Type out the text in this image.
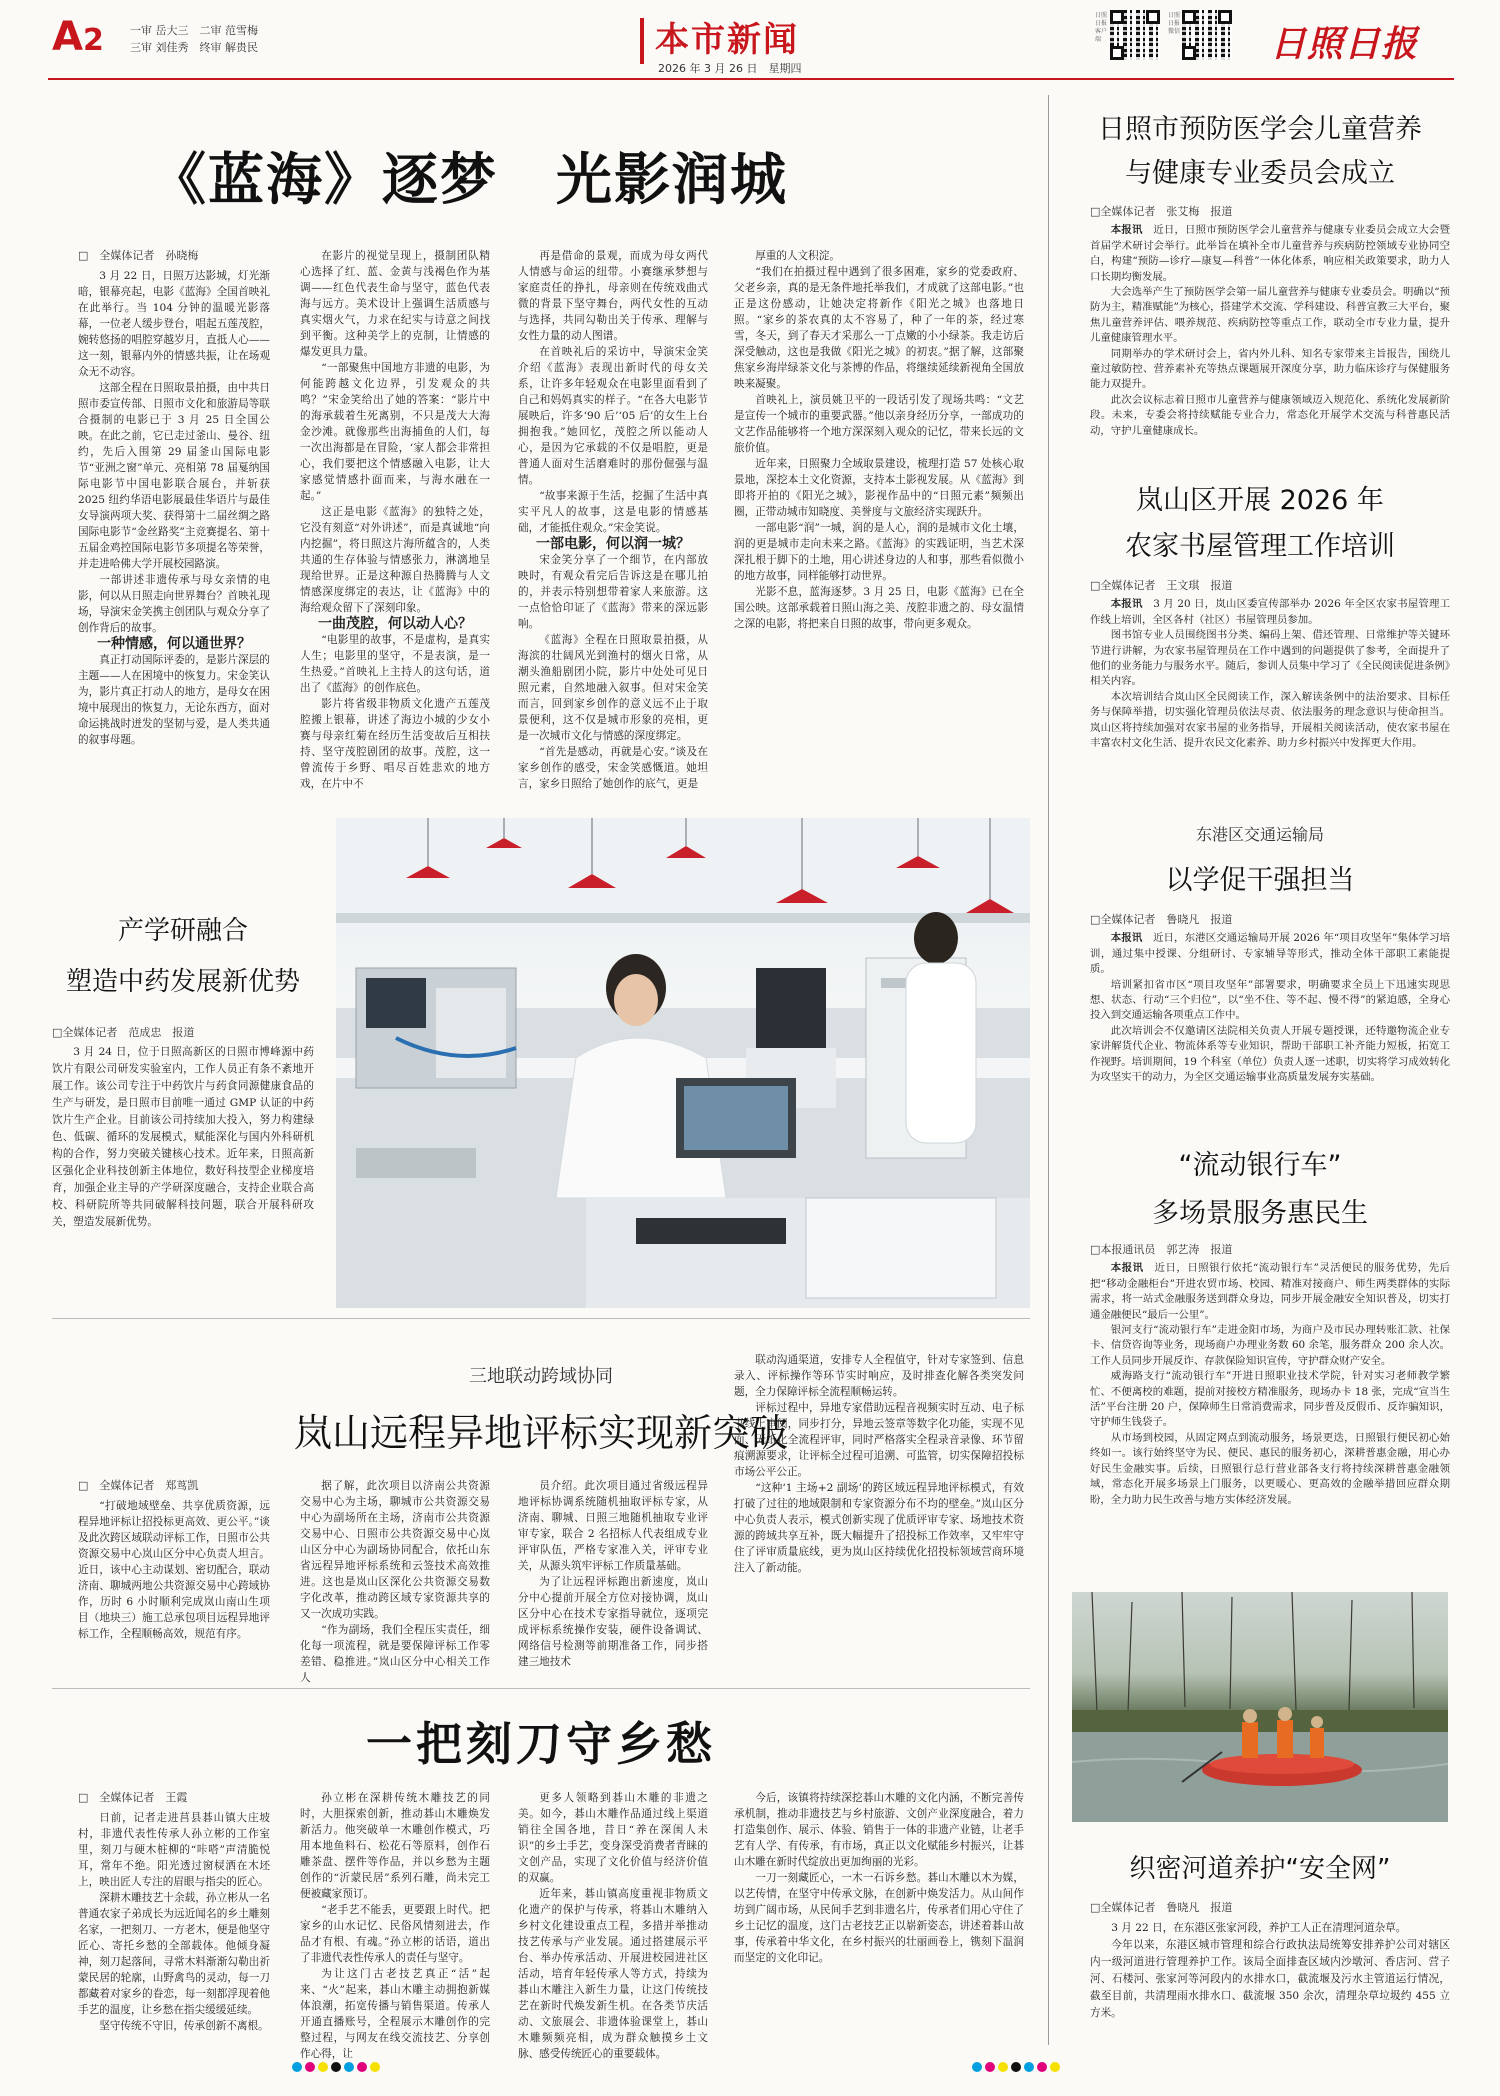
A2 一审 岳大三　二审 范雪梅
三审 刘佳秀　终审 解贵民	本市新闻
2026 年 3 月 26 日　星期四
日照日报客户端
日照日报微信 日照日报
《蓝海》逐梦　光影润城
□　全媒体记者　 孙晓梅

3 月 22 日，日照万达影城，灯光渐暗，银幕亮起，电影《蓝海》全国首映礼在此举行。当 104 分钟的温暖光影落幕，一位老人缓步登台，唱起五莲茂腔，婉转悠扬的唱腔穿越岁月，直抵人心——这一刻，银幕内外的情感共振，让在场观众无不动容。

这部全程在日照取景拍摄，由中共日照市委宣传部、日照市文化和旅游局等联合摄制的电影已于 3 月 25 日全国公映。在此之前，它已走过釜山、曼谷、纽约，先后入围第 29 届釜山国际电影节“亚洲之窗”单元、亮相第 78 届戛纳国际电影节中国电影联合展台，并斩获 2025 纽约华语电影展最佳华语片与最佳女导演两项大奖、获得第十二届丝绸之路国际电影节“金丝路奖”主竞赛提名、第十五届金鸡控国际电影节多项提名等荣誉，并走进哈佛大学开展校园路演。

一部讲述非遗传承与母女亲情的电影，何以从日照走向世界舞台？首映礼现场，导演宋金笑携主创团队与观众分享了创作背后的故事。

一种情感，何以通世界？

真正打动国际评委的，是影片深层的主题——人在困境中的恢复力。宋金笑认为，影片真正打动人的地方，是母女在困境中展现出的恢复力，无论东西方，面对命运挑战时迸发的坚韧与爱，是人类共通的叙事母题。

在影片的视觉呈现上，摄制团队精心选择了红、蓝、金黄与浅褐色作为基调——红色代表生命与坚守，蓝色代表海与远方。美术设计上强调生活质感与真实烟火气，力求在纪实与诗意之间找到平衡。这种美学上的克制，让情感的爆发更具力量。

“一部聚焦中国地方非遗的电影，为何能跨越文化边界，引发观众的共鸣？”宋金笑给出了她的答案：“影片中的海承载着生死离别，不只是茂大大海金沙滩。就像那些出海捕鱼的人们，每一次出海都是在冒险，‘家人都会非常担心，我们要把这个情感融入电影，让大家感觉情感扑面而来，与海水融在一起。”

这正是电影《蓝海》的独特之处，它没有刻意“对外讲述”，而是真诚地“向内挖掘”，将日照这片海所蕴含的，人类共通的生存体验与情感张力，淋漓地呈现给世界。正是这种源自热腾腾与人文情感深度绑定的表达，让《蓝海》中的海给观众留下了深刻印象。

一曲茂腔，何以动人心？

“电影里的故事，不是虚构，是真实人生；电影里的坚守，不是表演，是一生热爱。”首映礼上主持人的这句话，道出了《蓝海》的创作底色。

影片将省级非物质文化遗产五莲茂腔搬上银幕，讲述了海边小城的少女小赛与母亲红菊在经历生活变故后互相扶持、坚守茂腔剧团的故事。茂腔，这一曾流传于乡野、唱尽百姓悲欢的地方戏，在片中不

再是借命的景观，而成为母女两代人情感与命运的纽带。小赛继承梦想与家庭责任的挣扎，母亲则在传统戏曲式微的背景下坚守舞台，两代女性的互动与选择，共同勾勒出关于传承、理解与女性力量的动人图谱。

在首映礼后的采访中，导演宋金笑介绍《蓝海》表现出新时代的母女关系，让许多年轻观众在电影里面看到了自己和妈妈真实的样子。“在各大电影节展映后，许多‘90 后’‘05 后’的女生上台拥抱我。”她回忆，茂腔之所以能动人心，是因为它承载的不仅是唱腔，更是普通人面对生活磨难时的那份倔强与温情。

“故事来源于生活，挖掘了生活中真实平凡人的故事，这是电影的情感基础，才能抵住观众。”宋金笑说。

一部电影，何以润一城？

宋金笑分享了一个细节，在内部放映时，有观众看完后告诉这是在哪儿拍的，并表示特别想带着家人来旅游。这一点恰恰印证了《蓝海》带来的深远影响。

《蓝海》全程在日照取景拍摄，从海滨的壮阔风光到渔村的烟火日常，从潮头渔船剧团小院，影片中处处可见日照元素，自然地融入叙事。但对宋金笑而言，回到家乡创作的意义远不止于取景便利，这不仅是城市形象的亮相，更是一次城市文化与情感的深度绑定。

“首先是感动，再就是心安。”谈及在家乡创作的感受，宋金笑感慨道。她坦言，家乡日照给了她创作的底气，更是

厚重的人文积淀。

“我们在拍摄过程中遇到了很多困难，家乡的党委政府、父老乡亲，真的是无条件地托举我们，才成就了这部电影。”也正是这份感动，让她决定将新作《阳光之城》也落地日照。“家乡的茶农真的太不容易了，种了一年的茶，经过寒雪，冬天，到了春天才采那么一丁点嫩的小小绿茶。我走访后深受触动，这也是我做《阳光之城》的初衷。”据了解，这部聚焦家乡海岸绿茶文化与茶博的作品，将继续延续新视角全国放映来凝聚。

首映礼上，演员姚卫平的一段话引发了现场共鸣：“文艺是宣传一个城市的重要武器。”他以亲身经历分享，一部成功的文艺作品能够将一个地方深深刻入观众的记忆，带来长远的文旅价值。

近年来，日照聚力全域取景建设，梳理打造 57 处核心取景地，深挖本土文化资源，支持本土影视发展。从《蓝海》到即将开拍的《阳光之城》，影视作品中的“日照元素”频频出圈，正带动城市知晓度、美誉度与文旅经济实现跃升。

一部电影“润”一城，润的是人心，润的是城市文化土壤，润的更是城市走向未来之路。《蓝海》的实践证明，当艺术深深扎根于脚下的土地，用心讲述身边的人和事，那些看似微小的地方故事，同样能够打动世界。

光影不息，蓝海逐梦。3 月 25 日，电影《蓝海》已在全国公映。这部承载着日照山海之美、茂腔非遗之韵、母女温情之深的电影，将把来自日照的故事，带向更多观众。

产学研融合
塑造中药发展新优势
□全媒体记者　 范成忠　报道
3 月 24 日，位于日照高新区的日照市博峰源中药饮片有限公司研发实验室内，工作人员正有条不紊地开展工作。该公司专注于中药饮片与药食同源健康食品的生产与研发，是日照市目前唯一通过 GMP 认证的中药饮片生产企业。目前该公司持续加大投入，努力构建绿色、低碳、循环的发展模式，赋能深化与国内外科研机构的合作，努力突破关键核心技术。近年来，日照高新区强化企业科技创新主体地位，数好科技型企业梯度培育，加强企业主导的产学研深度融合，支持企业联合高校、科研院所等共同破解科技问题，联合开展科研攻关，塑造发展新优势。
日照市预防医学会儿童营养
与健康专业委员会成立
□全媒体记者　 张艾梅　报道

本报讯　 近日，日照市预防医学会儿童营养与健康专业委员会成立大会暨首届学术研讨会举行。此举旨在填补全市儿童营养与疾病防控领域专业协同空白，构建“预防—诊疗—康复—科普”一体化体系，响应相关政策要求，助力人口长期均衡发展。

大会选举产生了预防医学会第一届儿童营养与健康专业委员会。明确以“预防为主，精准赋能”为核心，搭建学术交流、学科建设、科普宣教三大平台，聚焦儿童营养评估、喂养规范、疾病防控等重点工作，联动全市专业力量，提升儿童健康管理水平。

同期举办的学术研讨会上，省内外儿科、知名专家带来主旨报告，围绕儿童过敏防控、营养素补充等热点课题展开深度分享，助力临床诊疗与保健服务能力双提升。

此次会议标志着日照市儿童营养与健康领域迈入规范化、系统化发展新阶段。未来，专委会将持续赋能专业合力，常态化开展学术交流与科普惠民活动，守护儿童健康成长。

岚山区开展 2026 年
农家书屋管理工作培训
□全媒体记者　 王文琪　报道

本报讯　 3 月 20 日，岚山区委宣传部举办 2026 年全区农家书屋管理工作线上培训，全区各村（社区）书屋管理员参加。

图书馆专业人员围绕图书分类、编码上架、借还管理、日常维护等关键环节进行讲解，为农家书屋管理员在工作中遇到的问题提供了参考，全面提升了他们的业务能力与服务水平。随后，参训人员集中学习了《全民阅读促进条例》相关内容。

本次培训结合岚山区全民阅读工作，深入解读条例中的法治要求、目标任务与保障举措，切实强化管理员依法尽责、依法服务的理念意识与使命担当。岚山区将持续加强对农家书屋的业务指导，开展相关阅读活动，使农家书屋在丰富农村文化生活、提升农民文化素养、助力乡村振兴中发挥更大作用。

东港区交通运输局
以学促干强担当
□全媒体记者　 鲁晓凡　报道

本报讯　 近日，东港区交通运输局开展 2026 年“项目攻坚年”集体学习培训，通过集中授课、分组研讨、专家辅导等形式，推动全体干部职工素能提质。

培训紧扣省市区“项目攻坚年”部署要求，明确要求全员上下迅速实现思想、状态、行动“三个归位”，以“坐不住、等不起、慢不得”的紧迫感，全身心投入到交通运输各项重点工作中。

此次培训会不仅邀请区法院相关负责人开展专题授课，还特邀物流企业专家讲解货代企业、物流体系等专业知识，帮助干部职工补齐能力短板，拓宽工作视野。培训期间，19 个科室（单位）负责人逐一述职，切实将学习成效转化为攻坚实干的动力，为全区交通运输事业高质量发展夯实基础。

“流动银行车”
多场景服务惠民生
□本报通讯员　 郭艺涛　报道

本报讯　 近日，日照银行依托“流动银行车”灵活便民的服务优势，先后把“移动金融柜台”开进农贸市场、校园、精准对接商户、师生两类群体的实际需求，将一站式金融服务送到群众身边，同步开展金融安全知识普及，切实打通金融便民“最后一公里”。

银河支行“流动银行车”走进金阳市场，为商户及市民办理转账汇款、社保卡、信贷咨询等业务，现场商户办理业务数 60 余笔，服务群众 200 余人次。工作人员同步开展反诈、存款保险知识宣传，守护群众财产安全。

威海路支行“流动银行车”开进日照职业技术学院，针对实习老师教学繁忙、不便离校的难题，提前对接校方精准服务，现场办卡 18 张，完成“宣当生活”平台注册 20 户，保障师生日常消费需求，同步普及反假币、反诈骗知识，守护师生钱袋子。

从市场到校园，从固定网点到流动服务，场景更迭，日照银行便民初心始终如一。该行始终坚守为民、便民、惠民的服务初心，深耕普惠金融，用心办好民生金融实事。后续，日照银行总行营业部各支行将持续深耕普惠金融领域，常态化开展多场景上门服务，以更暖心、更高效的金融举措回应群众期盼，全力助力民生改善与地方实体经济发展。

织密河道养护“安全网”
□全媒体记者　 鲁晓凡　报道
3 月 22 日，在东港区张家河段，养护工人正在清理河道杂草。
今年以来，东港区城市管理和综合行政执法局统筹安排养护公司对辖区内一级河道进行管理养护工作。该局全面排查区域内沙墩河、香店河、营子河、石楼河、张家河等河段内的水排水口，截流堰及污水主管道运行情况，截至目前，共清理雨水排水口、截流堰 350 余次，清理杂草垃圾约 455 立方米。
三地联动跨域协同
岚山远程异地评标实现新突破
□　全媒体记者　 郑茑凯

“打破地域壁垒、共享优质资源，远程异地评标让招投标更高效、更公平。”谈及此次跨区域联动评标工作，日照市公共资源交易中心岚山区分中心负责人坦言。近日，该中心主动谋划、密切配合，联动济南、聊城两地公共资源交易中心跨域协作，历时 6 小时顺利完成岚山南山生项目（地块三）施工总承包项目远程异地评标工作，全程顺畅高效，规范有序。

据了解，此次项目以济南公共资源交易中心为主场，聊城市公共资源交易中心为副场所在主场，济南市公共资源交易中心、日照市公共资源交易中心岚山区分中心为副场协同配合，依托山东省远程异地评标系统和云签技术高效推进。这也是岚山区深化公共资源交易数字化改革，推动跨区域专家资源共享的又一次成功实践。

“作为副场，我们全程压实责任，细化每一项流程，就是要保障评标工作零差错、稳推进。”岚山区分中心相关工作人

员介绍。此次项目通过省级远程异地评标协调系统随机抽取评标专家，从济南、聊城、日照三地随机抽取专业评审专家，联合 2 名招标人代表组成专业评审队伍，严格专家准入关，评审专业关，从源头筑牢评标工作质量基础。

为了让远程评标跑出新速度，岚山分中心提前开展全方位对接协调，岚山区分中心在技术专家指导就位，逐项完成评标系统操作安装，硬件设备调试、网络信号检测等前期准备工作，同步搭建三地技术

联动沟通渠道，安排专人全程值守，针对专家签到、信息录入、评标操作等环节实时响应，及时排查化解各类突发问题，全力保障评标全流程顺畅运转。

评标过程中，异地专家借助远程音视频实时互动、电子标书线上审阅，同步打分，异地云签章等数字化功能，实现不见面、无纸化全流程评审，同时严格落实全程录音录像、环节留痕溯源要求，让评标全过程可追溯、可监管，切实保障招投标市场公平公正。

“这种‘1 主场+2 副场’的跨区域远程异地评标模式，有效打破了过往的地域限制和专家资源分布不均的壁垒。”岚山区分中心负责人表示，模式创新实现了优质评审专家、场地技术资源的跨域共享互补，既大幅提升了招投标工作效率，又牢牢守住了评审质量底线，更为岚山区持续优化招投标领域营商环境注入了新动能。

一把刻刀守乡愁
□　全媒体记者　 王霞

日前，记者走进莒县碁山镇大庄坡村，非遗代表性传承人孙立彬的工作室里，刻刀与硬木桩柳的“咔嗒”声清脆悦耳，常年不绝。阳光透过窗棂洒在木坯上，映出匠人专注的眉眼与指尖的匠心。

深耕木雕技艺十余载，孙立彬从一名普通农家子弟成长为远近闻名的乡土雕刻名家，一把刻刀、一方老木，便是他坚守匠心、寄托乡愁的全部载体。他倾身凝神，刻刀起落间，寻常木料渐渐勾勒出祈蒙民居的轮廓，山野禽鸟的灵动，每一刀都藏着对家乡的眷恋，每一刻都浮现着他手艺的温度，让乡愁在指尖缓缓延续。

坚守传统不守旧，传承创新不离根。

孙立彬在深耕传统木雕技艺的同时，大胆探索创新，推动碁山木雕焕发新活力。他突破单一木雕创作模式，巧用本地鱼料石、松花石等原料，创作石雕茶盘、摆件等作品，并以乡愁为主题创作的“沂蒙民居”系列石雕，尚未完工便被藏家预订。

“老手艺不能丢，更要跟上时代。把家乡的山水记忆、民俗风情刻进去，作品才有根、有魂。”孙立彬的话语，道出了非遗代表性传承人的责任与坚守。

为让这门古老技艺真正“活”起来、“火”起来，碁山木雕主动拥抱新媒体浪潮，拓宽传播与销售渠道。传承人开通直播账号，全程展示木雕创作的完整过程，与网友在线交流技艺、分享创作心得，让

更多人领略到碁山木雕的非遗之美。如今，碁山木雕作品通过线上渠道销往全国各地，昔日“养在深闺人未识”的乡土手艺，变身深受消费者青睐的文创产品，实现了文化价值与经济价值的双赢。

近年来，碁山镇高度重视非物质文化遗产的保护与传承，将碁山木雕纳入乡村文化建设重点工程，多措并举推动技艺传承与产业发展。通过搭建展示平台、举办传承活动、开展进校园进社区活动，培育年轻传承人等方式，持续为碁山木雕注入新生力量，让这门传统技艺在新时代焕发新生机。在各类节庆活动、文旅展会、非遗体验课堂上，碁山木雕频频亮相，成为群众触摸乡土文脉、感受传统匠心的重要载体。

今后，该镇将持续深挖碁山木雕的文化内涵，不断完善传承机制，推动非遗技艺与乡村旅游、文创产业深度融合，着力打造集创作、展示、体验、销售于一体的非遗产业链，让老手艺有人学、有传承，有市场，真正以文化赋能乡村振兴，让碁山木雕在新时代绽放出更加绚丽的光彩。

一刀一刻藏匠心，一木一石诉乡愁。碁山木雕以木为媒，以艺传情，在坚守中传承文脉，在创新中焕发活力。从山间作坊到广阔市场，从民间手艺到非遗名片，传承者们用心守住了乡土记忆的温度，这门古老技艺正以崭新姿态，讲述着碁山故事，传承着中华文化，在乡村振兴的壮丽画卷上，镌刻下温润而坚定的文化印记。
